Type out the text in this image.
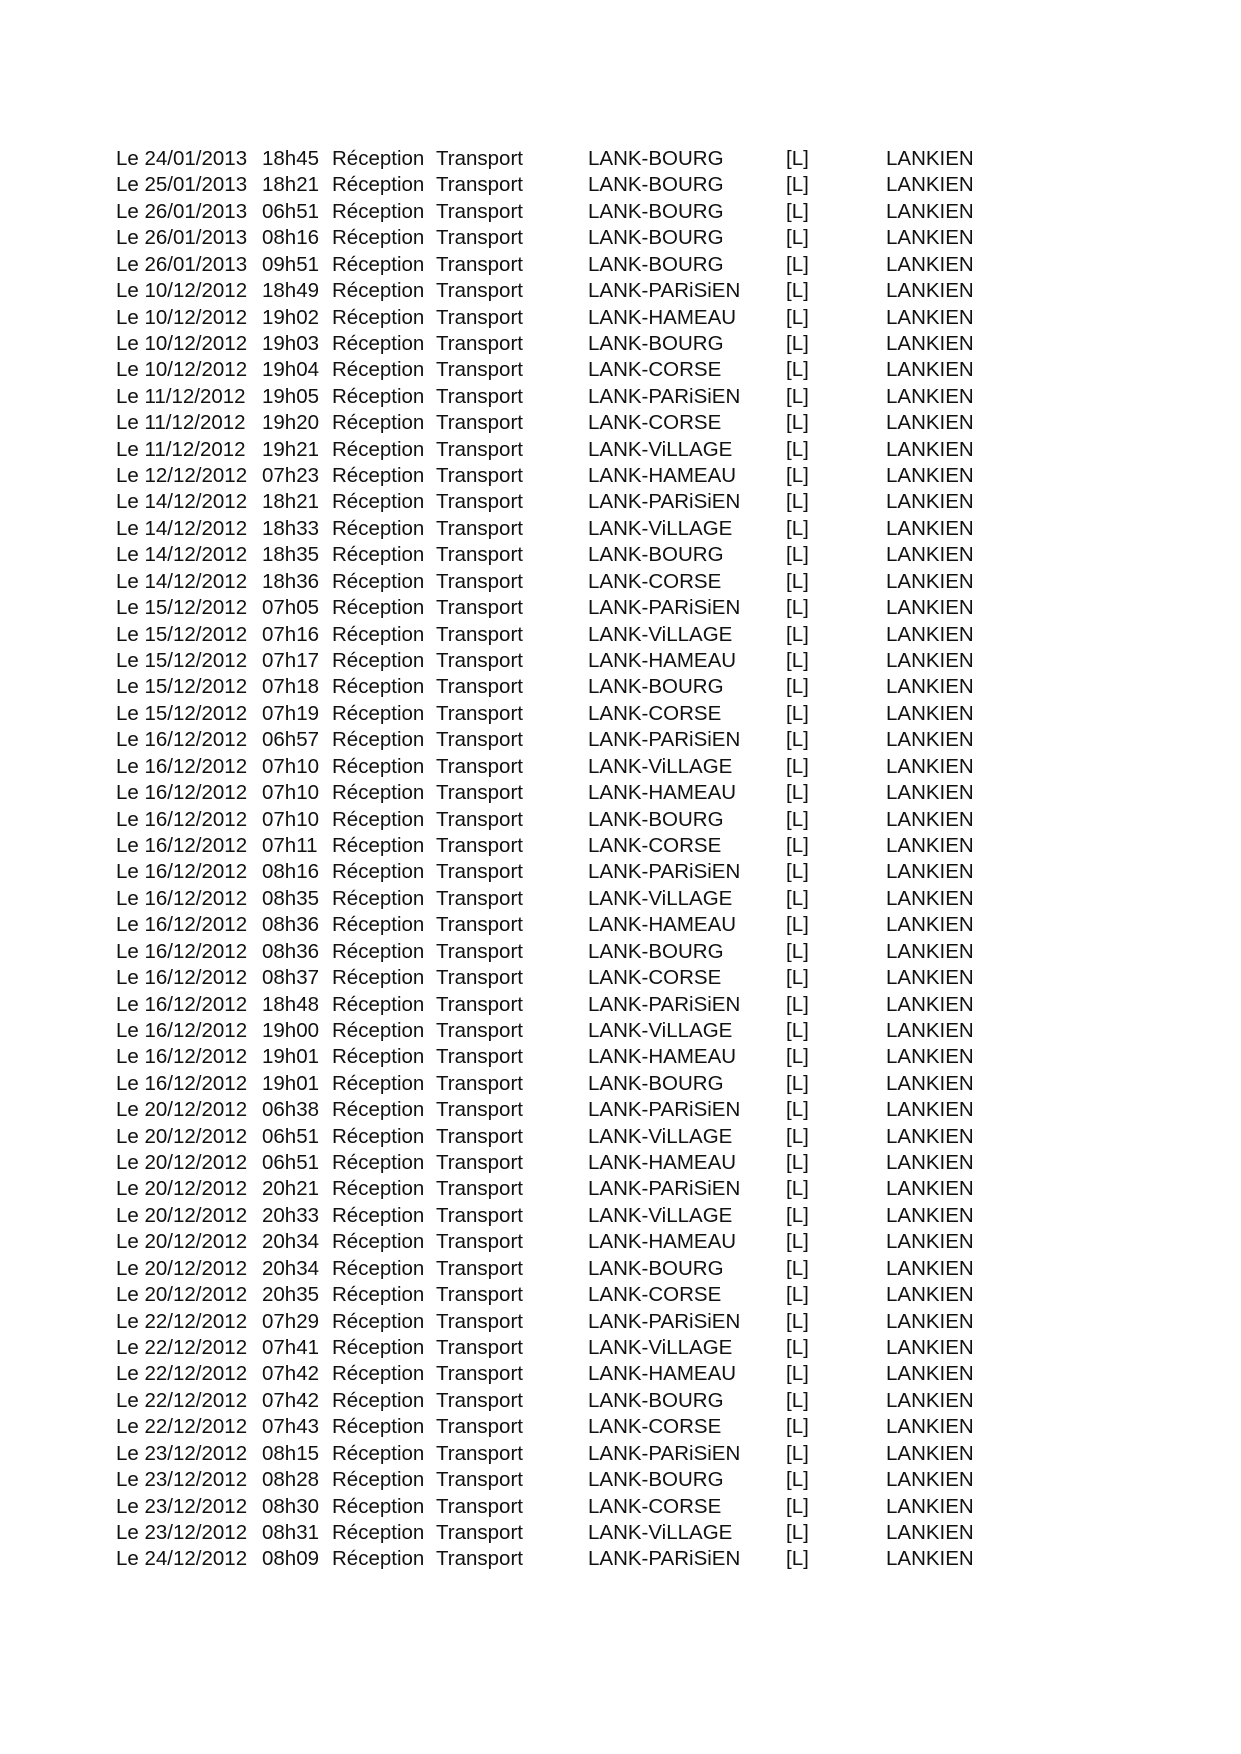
Le 24/01/2013 18h45 Réception Transport	LANK-BOURG	[L]	LANKIEN
Le 25/01/2013 18h21 Réception Transport	LANK-BOURG	[L]	LANKIEN
Le 26/01/2013 06h51 Réception Transport	LANK-BOURG	[L]	LANKIEN
Le 26/01/2013 08h16 Réception Transport	LANK-BOURG	[L]	LANKIEN
Le 26/01/2013 09h51 Réception Transport	LANK-BOURG	[L]	LANKIEN
Le 10/12/2012 18h49 Réception Transport	LANK-PARiSiEN [L]	LANKIEN
Le 10/12/2012 19h02 Réception Transport	LANK-HAMEAU [L]	LANKIEN
Le 10/12/2012 19h03 Réception Transport	LANK-BOURG	[L]	LANKIEN
Le 10/12/2012 19h04 Réception Transport	LANK-CORSE	[L]	LANKIEN
Le 11/12/2012 19h05 Réception Transport	LANK-PARiSiEN [L]	LANKIEN
Le 11/12/2012 19h20 Réception Transport	LANK-CORSE	[L]	LANKIEN
Le 11/12/2012 19h21 Réception Transport	LANK-ViLLAGE	[L]	LANKIEN
Le 12/12/2012 07h23 Réception Transport	LANK-HAMEAU [L]	LANKIEN
Le 14/12/2012 18h21 Réception Transport	LANK-PARiSiEN [L]	LANKIEN
Le 14/12/2012 18h33 Réception Transport	LANK-ViLLAGE	[L]	LANKIEN
Le 14/12/2012 18h35 Réception Transport	LANK-BOURG	[L]	LANKIEN
Le 14/12/2012 18h36 Réception Transport	LANK-CORSE	[L]	LANKIEN
Le 15/12/2012 07h05 Réception Transport	LANK-PARiSiEN [L]	LANKIEN
Le 15/12/2012 07h16 Réception Transport	LANK-ViLLAGE	[L]	LANKIEN
Le 15/12/2012 07h17 Réception Transport	LANK-HAMEAU [L]	LANKIEN
Le 15/12/2012 07h18 Réception Transport	LANK-BOURG	[L]	LANKIEN
Le 15/12/2012 07h19 Réception Transport	LANK-CORSE	[L]	LANKIEN
Le 16/12/2012 06h57 Réception Transport	LANK-PARiSiEN [L]	LANKIEN
Le 16/12/2012 07h10 Réception Transport	LANK-ViLLAGE	[L]	LANKIEN
Le 16/12/2012 07h10 Réception Transport	LANK-HAMEAU [L]	LANKIEN
Le 16/12/2012 07h10 Réception Transport	LANK-BOURG	[L]	LANKIEN
Le 16/12/2012 07h11 Réception Transport	LANK-CORSE	[L]	LANKIEN
Le 16/12/2012 08h16 Réception Transport	LANK-PARiSiEN [L]	LANKIEN
Le 16/12/2012 08h35 Réception Transport	LANK-ViLLAGE	[L]	LANKIEN
Le 16/12/2012 08h36 Réception Transport	LANK-HAMEAU [L]	LANKIEN
Le 16/12/2012 08h36 Réception Transport	LANK-BOURG	[L]	LANKIEN
Le 16/12/2012 08h37 Réception Transport	LANK-CORSE	[L]	LANKIEN
Le 16/12/2012 18h48 Réception Transport	LANK-PARiSiEN [L]	LANKIEN
Le 16/12/2012 19h00 Réception Transport	LANK-ViLLAGE	[L]	LANKIEN
Le 16/12/2012 19h01 Réception Transport	LANK-HAMEAU [L]	LANKIEN
Le 16/12/2012 19h01 Réception Transport	LANK-BOURG	[L]	LANKIEN
Le 20/12/2012 06h38 Réception Transport	LANK-PARiSiEN [L]	LANKIEN
Le 20/12/2012 06h51 Réception Transport	LANK-ViLLAGE	[L]	LANKIEN
Le 20/12/2012 06h51 Réception Transport	LANK-HAMEAU [L]	LANKIEN
Le 20/12/2012 20h21 Réception Transport	LANK-PARiSiEN [L]	LANKIEN
Le 20/12/2012 20h33 Réception Transport	LANK-ViLLAGE	[L]	LANKIEN
Le 20/12/2012 20h34 Réception Transport	LANK-HAMEAU [L]	LANKIEN
Le 20/12/2012 20h34 Réception Transport	LANK-BOURG	[L]	LANKIEN
Le 20/12/2012 20h35 Réception Transport	LANK-CORSE	[L]	LANKIEN
Le 22/12/2012 07h29 Réception Transport	LANK-PARiSiEN [L]	LANKIEN
Le 22/12/2012 07h41 Réception Transport	LANK-ViLLAGE	[L]	LANKIEN
Le 22/12/2012 07h42 Réception Transport	LANK-HAMEAU [L]	LANKIEN
Le 22/12/2012 07h42 Réception Transport	LANK-BOURG	[L]	LANKIEN
Le 22/12/2012 07h43 Réception Transport	LANK-CORSE	[L]	LANKIEN
Le 23/12/2012 08h15 Réception Transport	LANK-PARiSiEN [L]	LANKIEN
Le 23/12/2012 08h28 Réception Transport	LANK-BOURG	[L]	LANKIEN
Le 23/12/2012 08h30 Réception Transport	LANK-CORSE	[L]	LANKIEN
Le 23/12/2012 08h31 Réception Transport	LANK-ViLLAGE	[L]	LANKIEN
Le 24/12/2012 08h09 Réception Transport	LANK-PARiSiEN [L]	LANKIEN
